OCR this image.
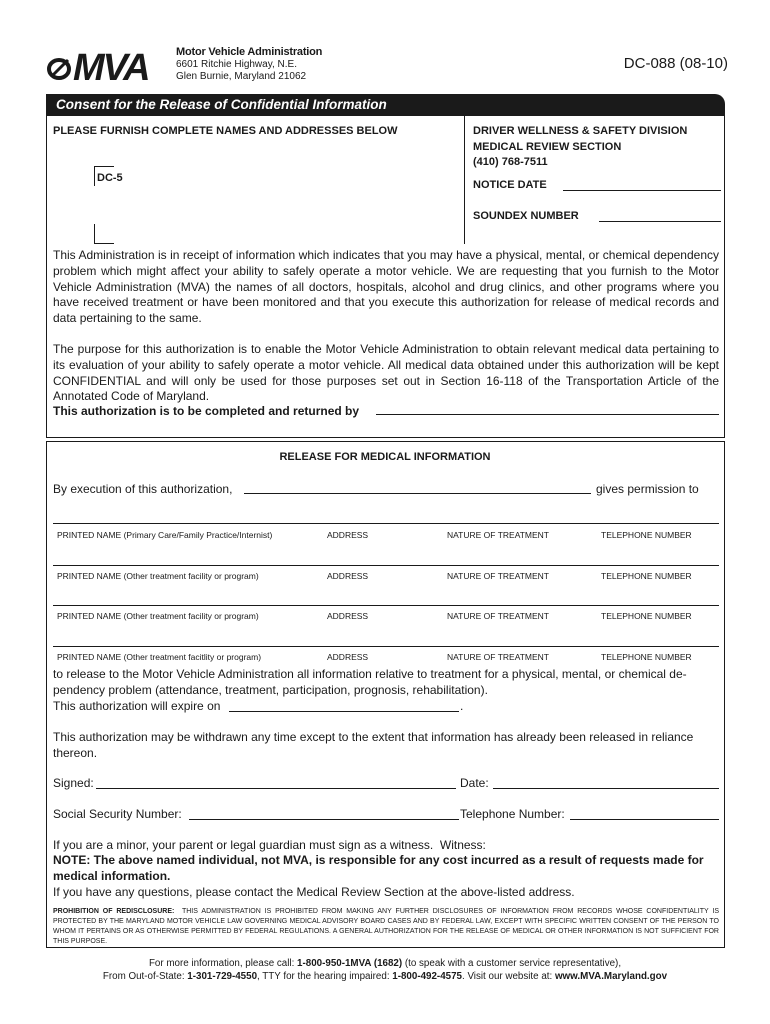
MVA Motor Vehicle Administration
6601 Ritchie Highway, N.E.
Glen Burnie, Maryland 21062
DC-088 (08-10)
Consent for the Release of Confidential Information
PLEASE FURNISH COMPLETE NAMES AND ADDRESSES BELOW	DRIVER WELLNESS & SAFETY DIVISION
MEDICAL REVIEW SECTION
(410) 768-7511
DC-5
NOTICE DATE
SOUNDEX NUMBER
This Administration is in receipt of information which indicates that you may have a physical, mental, or chemical dependency problem which might affect your ability to safely operate a motor vehicle. We are requesting that you furnish to the Motor Vehicle Administration (MVA) the names of all doctors, hospitals, alcohol and drug clinics, and other programs where you have received treatment or have been monitored and that you execute this authorization for release of medical records and data pertaining to the same.
The purpose for this authorization is to enable the Motor Vehicle Administration to obtain relevant medical data pertaining to its evaluation of your ability to safely operate a motor vehicle. All medical data obtained under this authorization will be kept CONFIDENTIAL and will only be used for those purposes set out in Section 16-118 of the Transportation Article of the Annotated Code of Maryland.
This authorization is to be completed and returned by
RELEASE FOR MEDICAL INFORMATION
By execution of this authorization,	gives permission to
PRINTED NAME (Primary Care/Family Practice/Internist)	ADDRESS	NATURE OF TREATMENT	TELEPHONE NUMBER
PRINTED NAME (Other treatment facility or program)	ADDRESS	NATURE OF TREATMENT	TELEPHONE NUMBER
PRINTED NAME (Other treatment facility or program)	ADDRESS	NATURE OF TREATMENT	TELEPHONE NUMBER
PRINTED NAME (Other treatment facitlity or program)	ADDRESS	NATURE OF TREATMENT	TELEPHONE NUMBER
to release to the Motor Vehicle Administration all information relative to treatment for a physical, mental, or chemical de-
pendency problem (attendance, treatment, participation, prognosis, rehabilitation).
This authorization will expire on	.
This authorization may be withdrawn any time except to the extent that information has already been released in reliance thereon.
Signed:	Date:
Social Security Number:	Telephone Number:
If you are a minor, your parent or legal guardian must sign as a witness. Witness:
NOTE: The above named individual, not MVA, is responsible for any cost incurred as a result of requests made for medical information.
If you have any questions, please contact the Medical Review Section at the above-listed address.
PROHIBITION OF REDISCLOSURE: THIS ADMINISTRATION IS PROHIBITED FROM MAKING ANY FURTHER DISCLOSURES OF INFORMATION FROM RECORDS WHOSE CONFIDENTIALITY IS PROTECTED BY THE MARYLAND MOTOR VEHICLE LAW GOVERNING MEDICAL ADVISORY BOARD CASES AND BY FEDERAL LAW, EXCEPT WITH SPECIFIC WRITTEN CONSENT OF THE PERSON TO WHOM IT PERTAINS OR AS OTHERWISE PERMITTED BY FEDERAL REGULATIONS. A GENERAL AUTHORIZATION FOR THE RELEASE OF MEDICAL OR OTHER INFORMATION IS NOT SUFFICIENT FOR THIS PURPOSE.
For more information, please call: 1-800-950-1MVA (1682) (to speak with a customer service representative),
From Out-of-State: 1-301-729-4550, TTY for the hearing impaired: 1-800-492-4575. Visit our website at: www.MVA.Maryland.gov
